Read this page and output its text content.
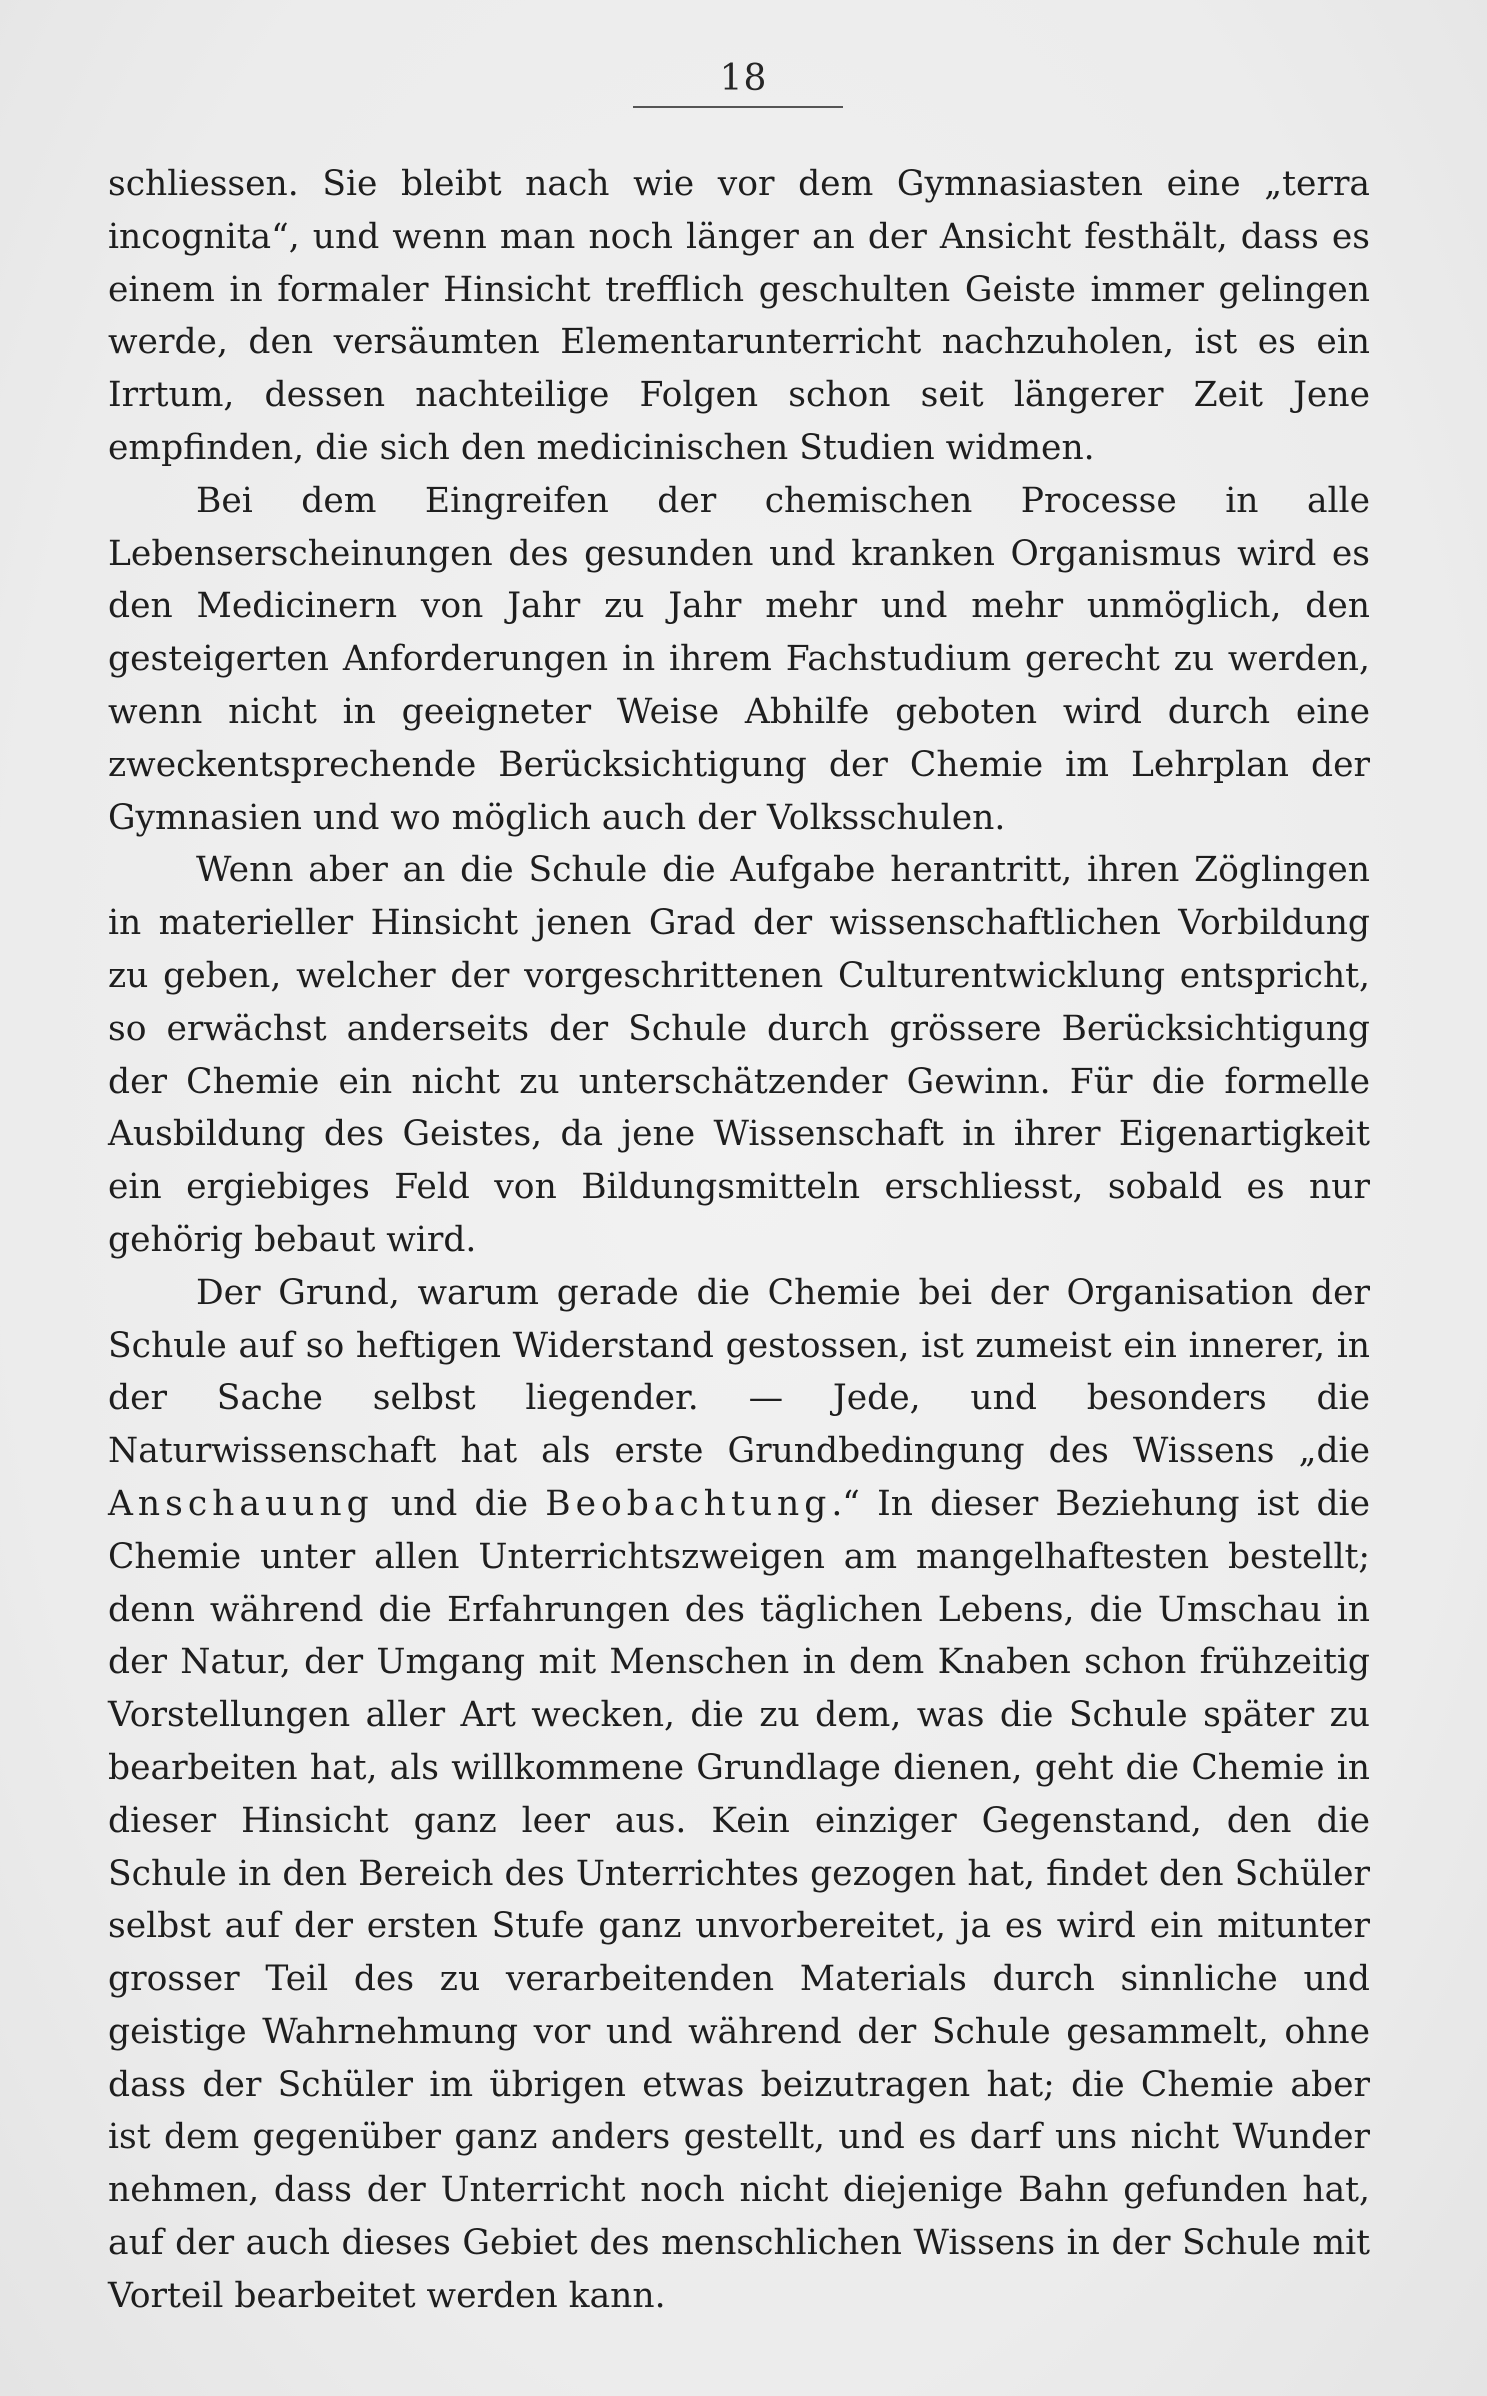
18

schliessen. Sie bleibt nach wie vor dem Gymnasiasten eine „terra incognita“, und wenn man noch länger an der Ansicht festhält, dass es einem in formaler Hinsicht trefflich geschulten Geiste immer gelingen werde, den versäumten Elementarunterricht nachzuholen, ist es ein Irrtum, dessen nachteilige Folgen schon seit längerer Zeit Jene empfinden, die sich den medicinischen Studien widmen.

Bei dem Eingreifen der chemischen Processe in alle Lebenserscheinungen des gesunden und kranken Organismus wird es den Medicinern von Jahr zu Jahr mehr und mehr unmöglich, den gesteigerten Anforderungen in ihrem Fachstudium gerecht zu werden, wenn nicht in geeigneter Weise Abhilfe geboten wird durch eine zweckentsprechende Berücksichtigung der Chemie im Lehrplan der Gymnasien und wo möglich auch der Volksschulen.

Wenn aber an die Schule die Aufgabe herantritt, ihren Zöglingen in materieller Hinsicht jenen Grad der wissenschaftlichen Vorbildung zu geben, welcher der vorgeschrittenen Culturentwicklung entspricht, so erwächst anderseits der Schule durch grössere Berücksichtigung der Chemie ein nicht zu unterschätzender Gewinn. Für die formelle Ausbildung des Geistes, da jene Wissenschaft in ihrer Eigenartigkeit ein ergiebiges Feld von Bildungsmitteln erschliesst, sobald es nur gehörig bebaut wird.

Der Grund, warum gerade die Chemie bei der Organisation der Schule auf so heftigen Widerstand gestossen, ist zumeist ein innerer, in der Sache selbst liegender. — Jede, und besonders die Naturwissenschaft hat als erste Grundbedingung des Wissens „die Anschauung und die Beobachtung.“ In dieser Beziehung ist die Chemie unter allen Unterrichtszweigen am mangelhaftesten bestellt; denn während die Erfahrungen des täglichen Lebens, die Umschau in der Natur, der Umgang mit Menschen in dem Knaben schon frühzeitig Vorstellungen aller Art wecken, die zu dem, was die Schule später zu bearbeiten hat, als willkommene Grundlage dienen, geht die Chemie in dieser Hinsicht ganz leer aus. Kein einziger Gegenstand, den die Schule in den Bereich des Unterrichtes gezogen hat, findet den Schüler selbst auf der ersten Stufe ganz unvorbereitet, ja es wird ein mitunter grosser Teil des zu verarbeitenden Materials durch sinnliche und geistige Wahrnehmung vor und während der Schule gesammelt, ohne dass der Schüler im übrigen etwas beizutragen hat; die Chemie aber ist dem gegenüber ganz anders gestellt, und es darf uns nicht Wunder nehmen, dass der Unterricht noch nicht diejenige Bahn gefunden hat, auf der auch dieses Gebiet des menschlichen Wissens in der Schule mit Vorteil bearbeitet werden kann.
